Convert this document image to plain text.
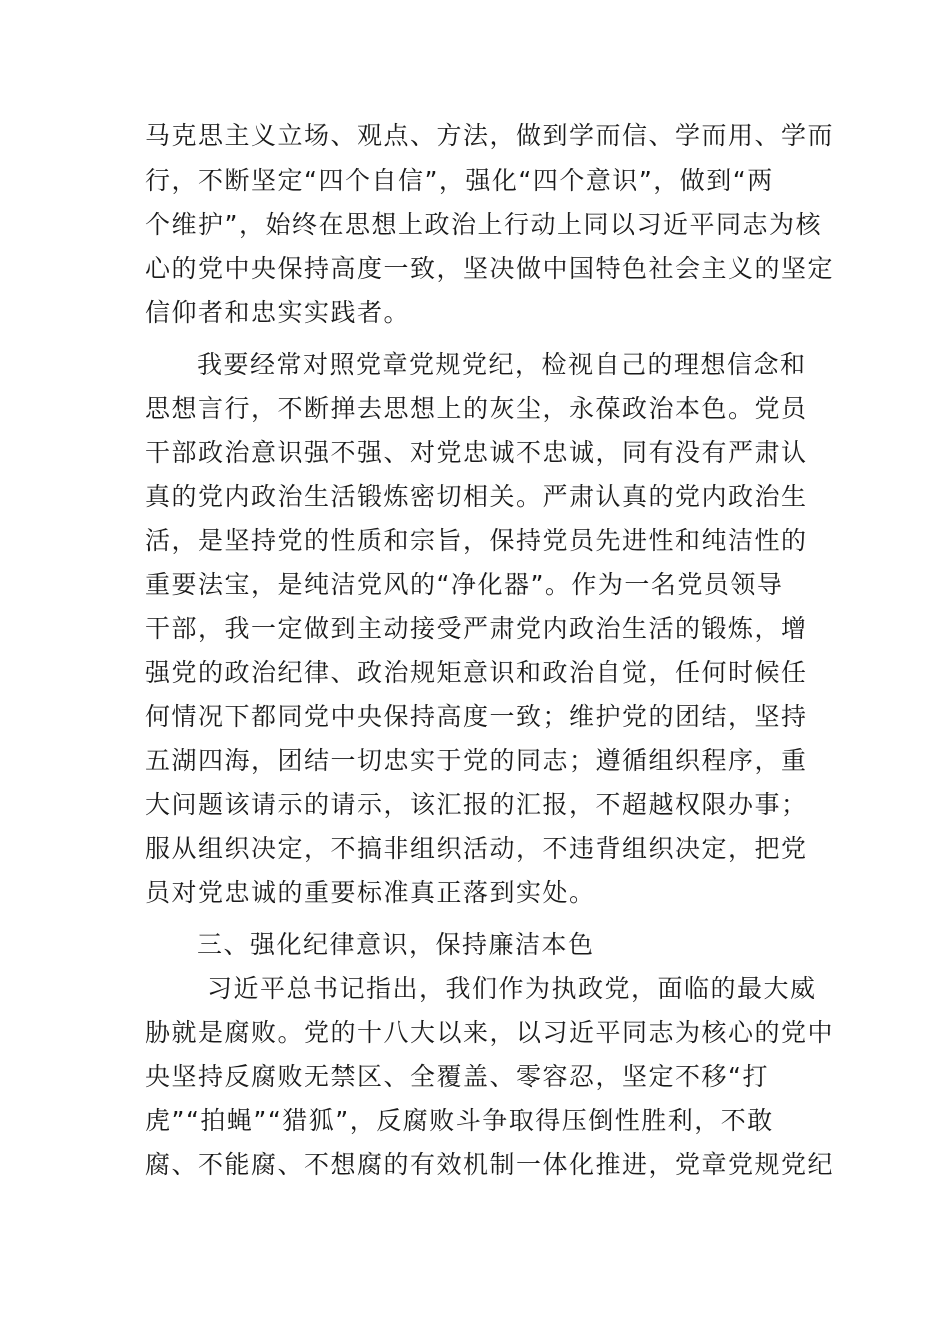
马克思主义立场、观点、方法，做到学而信、学而用、学而
行，不断坚定“四个自信”，强化“四个意识”，做到“两
个维护”，始终在思想上政治上行动上同以习近平同志为核
心的党中央保持高度一致，坚决做中国特色社会主义的坚定
信仰者和忠实实践者。
我要经常对照党章党规党纪，检视自己的理想信念和
思想言行，不断掸去思想上的灰尘，永葆政治本色。党员
干部政治意识强不强、对党忠诚不忠诚，同有没有严肃认
真的党内政治生活锻炼密切相关。严肃认真的党内政治生
活，是坚持党的性质和宗旨，保持党员先进性和纯洁性的
重要法宝，是纯洁党风的“净化器”。作为一名党员领导
干部，我一定做到主动接受严肃党内政治生活的锻炼，增
强党的政治纪律、政治规矩意识和政治自觉，任何时候任
何情况下都同党中央保持高度一致；维护党的团结，坚持
五湖四海，团结一切忠实于党的同志；遵循组织程序，重
大问题该请示的请示，该汇报的汇报，不超越权限办事；
服从组织决定，不搞非组织活动，不违背组织决定，把党
员对党忠诚的重要标准真正落到实处。
三、强化纪律意识，保持廉洁本色
习近平总书记指出，我们作为执政党，面临的最大威
胁就是腐败。党的十八大以来，以习近平同志为核心的党中
央坚持反腐败无禁区、全覆盖、零容忍，坚定不移“打
虎”“拍蝇”“猎狐”，反腐败斗争取得压倒性胜利，不敢
腐、不能腐、不想腐的有效机制一体化推进，党章党规党纪
